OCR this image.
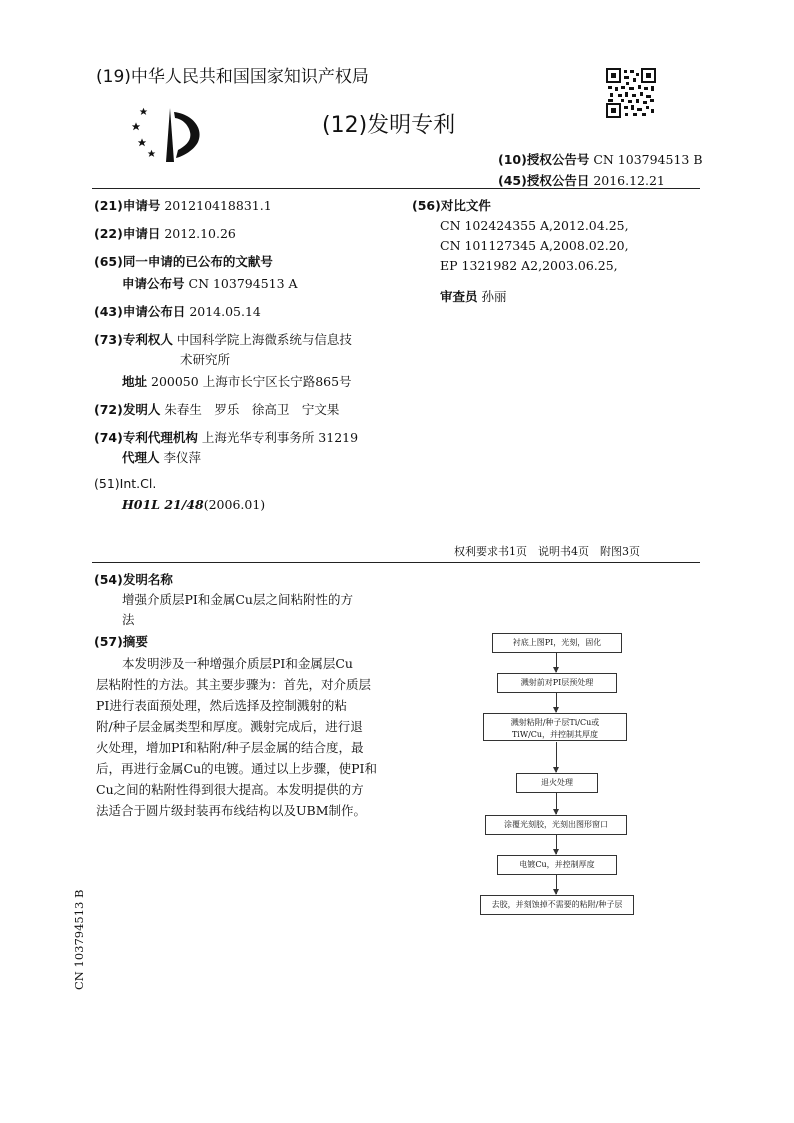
(19)中华人民共和国国家知识产权局
(12)发明专利
(10)授权公告号 CN 103794513 B
(45)授权公告日 2016.12.21
(21)申请号 201210418831.1
(22)申请日 2012.10.26
(65)同一申请的已公布的文献号
申请公布号 CN 103794513 A
(43)申请公布日 2014.05.14
(73)专利权人 中国科学院上海微系统与信息技
术研究所
地址 200050 上海市长宁区长宁路865号
(72)发明人 朱春生　罗乐　徐高卫　宁文果
(74)专利代理机构 上海光华专利事务所 31219
代理人 李仪萍
(51)Int.Cl.
H01L 21/48(2006.01)
(56)对比文件
CN 102424355 A,2012.04.25,
CN 101127345 A,2008.02.20,
EP 1321982 A2,2003.06.25,
审查员 孙丽
权利要求书1页　说明书4页　附图3页
(54)发明名称
增强介质层PI和金属Cu层之间粘附性的方
法
(57)摘要
本发明涉及一种增强介质层PI和金属层Cu
层粘附性的方法。其主要步骤为：首先，对介质层
PI进行表面预处理，然后选择及控制溅射的粘
附/种子层金属类型和厚度。溅射完成后，进行退
火处理，增加PI和粘附/种子层金属的结合度，最
后，再进行金属Cu的电镀。通过以上步骤，使PI和
Cu之间的粘附性得到很大提高。本发明提供的方
法适合于圆片级封装再布线结构以及UBM制作。
衬底上图PI，光刻，固化
溅射前对PI层预处理
溅射粘附/种子层Ti/Cu或TiW/Cu，并控制其厚度
退火处理
涂覆光刻胶，光刻出图形窗口
电镀Cu，并控制厚度
去胶，并刻蚀掉不需要的粘附/种子层
CN 103794513 B
